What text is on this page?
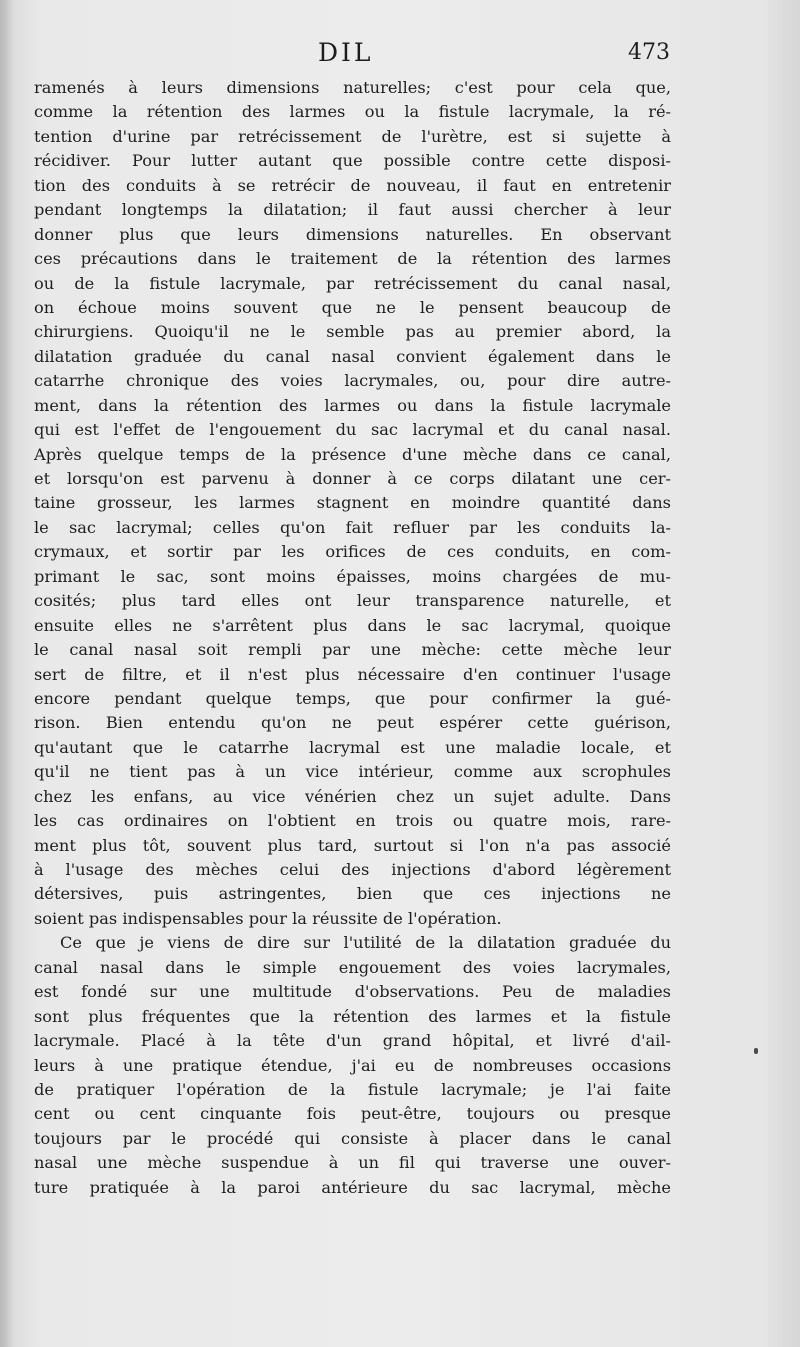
DIL	473
ramenés à leurs dimensions naturelles; c'est pour cela que,
comme la rétention des larmes ou la fistule lacrymale, la ré-
tention d'urine par retrécissement de l'urètre, est si sujette à
récidiver. Pour lutter autant que possible contre cette disposi-
tion des conduits à se retrécir de nouveau, il faut en entretenir
pendant longtemps la dilatation; il faut aussi chercher à leur
donner plus que leurs dimensions naturelles. En observant
ces précautions dans le traitement de la rétention des larmes
ou de la fistule lacrymale, par retrécissement du canal nasal,
on échoue moins souvent que ne le pensent beaucoup de
chirurgiens. Quoiqu'il ne le semble pas au premier abord, la
dilatation graduée du canal nasal convient également dans le
catarrhe chronique des voies lacrymales, ou, pour dire autre-
ment, dans la rétention des larmes ou dans la fistule lacrymale
qui est l'effet de l'engouement du sac lacrymal et du canal nasal.
Après quelque temps de la présence d'une mèche dans ce canal,
et lorsqu'on est parvenu à donner à ce corps dilatant une cer-
taine grosseur, les larmes stagnent en moindre quantité dans
le sac lacrymal; celles qu'on fait refluer par les conduits la-
crymaux, et sortir par les orifices de ces conduits, en com-
primant le sac, sont moins épaisses, moins chargées de mu-
cosités; plus tard elles ont leur transparence naturelle, et
ensuite elles ne s'arrêtent plus dans le sac lacrymal, quoique
le canal nasal soit rempli par une mèche: cette mèche leur
sert de filtre, et il n'est plus nécessaire d'en continuer l'usage
encore pendant quelque temps, que pour confirmer la gué-
rison. Bien entendu qu'on ne peut espérer cette guérison,
qu'autant que le catarrhe lacrymal est une maladie locale, et
qu'il ne tient pas à un vice intérieur, comme aux scrophules
chez les enfans, au vice vénérien chez un sujet adulte. Dans
les cas ordinaires on l'obtient en trois ou quatre mois, rare-
ment plus tôt, souvent plus tard, surtout si l'on n'a pas associé
à l'usage des mèches celui des injections d'abord légèrement
détersives, puis astringentes, bien que ces injections ne
soient pas indispensables pour la réussite de l'opération.
Ce que je viens de dire sur l'utilité de la dilatation graduée du
canal nasal dans le simple engouement des voies lacrymales,
est fondé sur une multitude d'observations. Peu de maladies
sont plus fréquentes que la rétention des larmes et la fistule
lacrymale. Placé à la tête d'un grand hôpital, et livré d'ail-
leurs à une pratique étendue, j'ai eu de nombreuses occasions
de pratiquer l'opération de la fistule lacrymale; je l'ai faite
cent ou cent cinquante fois peut-être, toujours ou presque
toujours par le procédé qui consiste à placer dans le canal
nasal une mèche suspendue à un fil qui traverse une ouver-
ture pratiquée à la paroi antérieure du sac lacrymal, mèche
